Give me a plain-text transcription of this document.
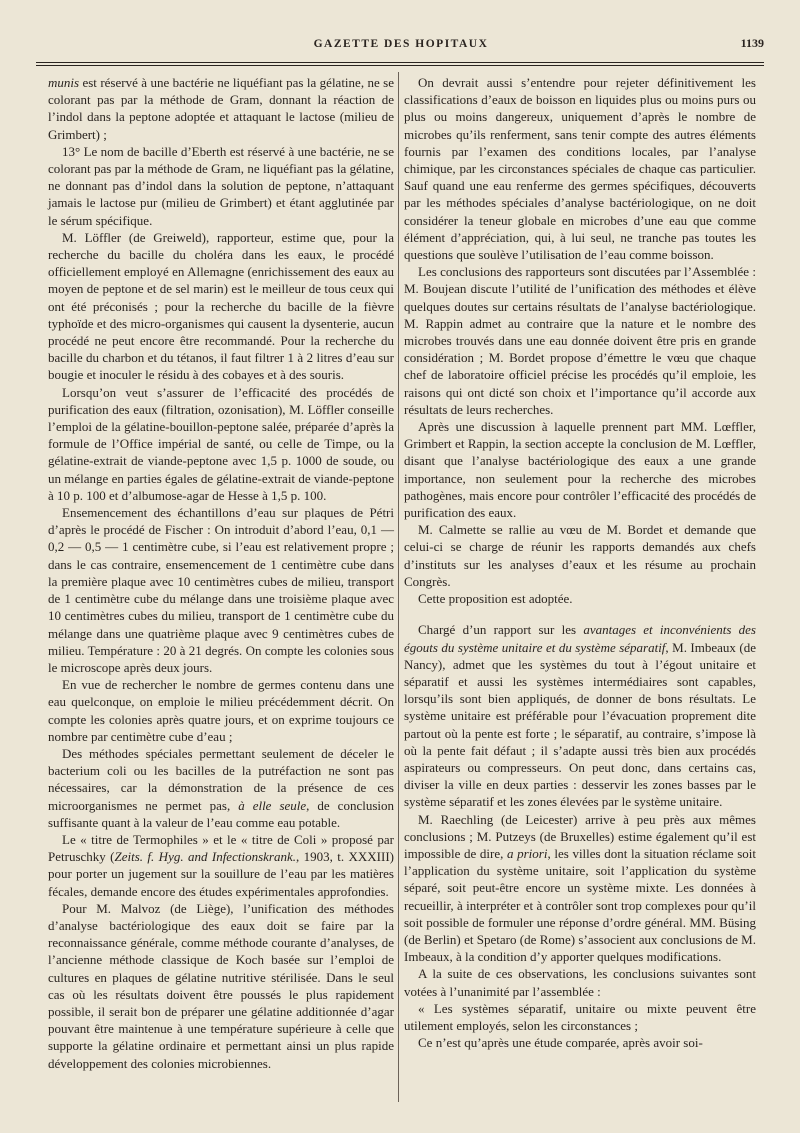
GAZETTE DES HOPITAUX	1139

munis est réservé à une bactérie ne liquéfiant pas la gélatine, ne se colorant pas par la méthode de Gram, donnant la réaction de l’indol dans la peptone adoptée et attaquant le lactose (milieu de Grimbert) ;

13° Le nom de bacille d’Eberth est réservé à une bactérie, ne se colorant pas par la méthode de Gram, ne liquéfiant pas la gélatine, ne donnant pas d’indol dans la solution de peptone, n’attaquant jamais le lactose pur (milieu de Grimbert) et étant agglutinée par le sérum spécifique.

M. Löffler (de Greiweld), rapporteur, estime que, pour la recherche du bacille du choléra dans les eaux, le procédé officiellement employé en Allemagne (enrichissement des eaux au moyen de peptone et de sel marin) est le meilleur de tous ceux qui ont été préconisés ; pour la recherche du bacille de la fièvre typhoïde et des micro-organismes qui causent la dysenterie, aucun procédé ne peut encore être recommandé. Pour la recherche du bacille du charbon et du tétanos, il faut filtrer 1 à 2 litres d’eau sur bougie et inoculer le résidu à des cobayes et à des souris.

Lorsqu’on veut s’assurer de l’efficacité des procédés de purification des eaux (filtration, ozonisation), M. Löffler conseille l’emploi de la gélatine-bouillon-peptone salée, préparée d’après la formule de l’Office impérial de santé, ou celle de Timpe, ou la gélatine-extrait de viande-peptone avec 1,5 p. 1000 de soude, ou un mélange en parties égales de gélatine-extrait de viande-peptone à 10 p. 100 et d’albumose-agar de Hesse à 1,5 p. 100.

Ensemencement des échantillons d’eau sur plaques de Pétri d’après le procédé de Fischer : On introduit d’abord l’eau, 0,1 — 0,2 — 0,5 — 1 centimètre cube, si l’eau est relativement propre ; dans le cas contraire, ensemencement de 1 centimètre cube dans la première plaque avec 10 centimètres cubes de milieu, transport de 1 centimètre cube du mélange dans une troisième plaque avec 10 centimètres cubes du milieu, transport de 1 centimètre cube du mélange dans une quatrième plaque avec 9 centimètres cubes de milieu. Température : 20 à 21 degrés. On compte les colonies sous le microscope après deux jours.

En vue de rechercher le nombre de germes contenu dans une eau quelconque, on emploie le milieu précédemment décrit. On compte les colonies après quatre jours, et on exprime toujours ce nombre par centimètre cube d’eau ;

Des méthodes spéciales permettant seulement de déceler le bacterium coli ou les bacilles de la putréfaction ne sont pas nécessaires, car la démonstration de la présence de ces microorganismes ne permet pas, à elle seule, de conclusion suffisante quant à la valeur de l’eau comme eau potable.

Le « titre de Termophiles » et le « titre de Coli » proposé par Petruschky (Zeits. f. Hyg. and Infectionskrank., 1903, t. XXXIII) pour porter un jugement sur la souillure de l’eau par les matières fécales, demande encore des études expérimentales approfondies.

Pour M. Malvoz (de Liège), l’unification des méthodes d’analyse bactériologique des eaux doit se faire par la reconnaissance générale, comme méthode courante d’analyses, de l’ancienne méthode classique de Koch basée sur l’emploi de cultures en plaques de gélatine nutritive stérilisée. Dans le seul cas où les résultats doivent être poussés le plus rapidement possible, il serait bon de préparer une gélatine additionnée d’agar pouvant être maintenue à une température supérieure à celle que supporte la gélatine ordinaire et permettant ainsi un plus rapide développement des colonies microbiennes.

On devrait aussi s’entendre pour rejeter définitivement les classifications d’eaux de boisson en liquides plus ou moins purs ou plus ou moins dangereux, uniquement d’après le nombre de microbes qu’ils renferment, sans tenir compte des autres éléments fournis par l’examen des conditions locales, par l’analyse chimique, par les circonstances spéciales de chaque cas particulier. Sauf quand une eau renferme des germes spécifiques, découverts par les méthodes spéciales d’analyse bactériologique, on ne doit considérer la teneur globale en microbes d’une eau que comme élément d’appréciation, qui, à lui seul, ne tranche pas toutes les questions que soulève l’utilisation de l’eau comme boisson.

Les conclusions des rapporteurs sont discutées par l’Assemblée : M. Boujean discute l’utilité de l’unification des méthodes et élève quelques doutes sur certains résultats de l’analyse bactériologique. M. Rappin admet au contraire que la nature et le nombre des microbes trouvés dans une eau donnée doivent être pris en grande considération ; M. Bordet propose d’émettre le vœu que chaque chef de laboratoire officiel précise les procédés qu’il emploie, les raisons qui ont dicté son choix et l’importance qu’il accorde aux résultats de leurs recherches.

Après une discussion à laquelle prennent part MM. Lœffler, Grimbert et Rappin, la section accepte la conclusion de M. Lœffler, disant que l’analyse bactériologique des eaux a une grande importance, non seulement pour la recherche des microbes pathogènes, mais encore pour contrôler l’efficacité des procédés de purification des eaux.

M. Calmette se rallie au vœu de M. Bordet et demande que celui-ci se charge de réunir les rapports demandés aux chefs d’instituts sur les analyses d’eaux et les résume au prochain Congrès.

Cette proposition est adoptée.

Chargé d’un rapport sur les avantages et inconvénients des égouts du système unitaire et du système séparatif, M. Imbeaux (de Nancy), admet que les systèmes du tout à l’égout unitaire et séparatif et aussi les systèmes intermédiaires sont capables, lorsqu’ils sont bien appliqués, de donner de bons résultats. Le système unitaire est préférable pour l’évacuation proprement dite partout où la pente est forte ; le séparatif, au contraire, s’impose là où la pente fait défaut ; il s’adapte aussi très bien aux procédés aspirateurs ou compresseurs. On peut donc, dans certains cas, diviser la ville en deux parties : desservir les zones basses par le système séparatif et les zones élevées par le système unitaire.

M. Raechling (de Leicester) arrive à peu près aux mêmes conclusions ; M. Putzeys (de Bruxelles) estime également qu’il est impossible de dire, a priori, les villes dont la situation réclame soit l’application du système unitaire, soit l’application du système séparé, soit peut-être encore un système mixte. Les données à recueillir, à interpréter et à contrôler sont trop complexes pour qu’il soit possible de formuler une réponse d’ordre général. MM. Büsing (de Berlin) et Spetaro (de Rome) s’associent aux conclusions de M. Imbeaux, à la condition d’y apporter quelques modifications.

A la suite de ces observations, les conclusions suivantes sont votées à l’unanimité par l’assemblée :

« Les systèmes séparatif, unitaire ou mixte peuvent être utilement employés, selon les circonstances ;

Ce n’est qu’après une étude comparée, après avoir soi-
